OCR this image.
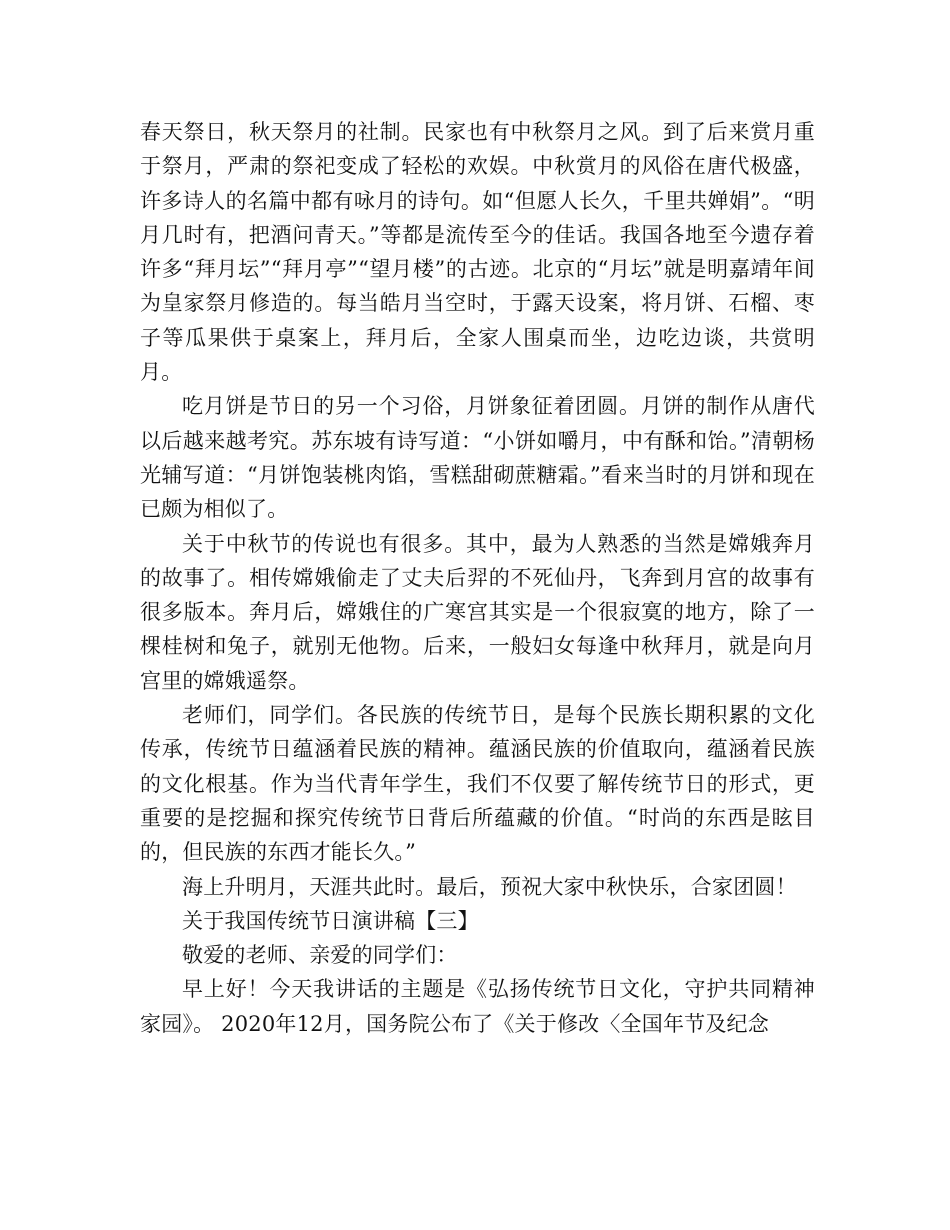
春天祭日，秋天祭月的社制。民家也有中秋祭月之风。到了后来赏月重于祭月，严肃的祭祀变成了轻松的欢娱。中秋赏月的风俗在唐代极盛，许多诗人的名篇中都有咏月的诗句。如“但愿人长久，千里共婵娟”。“明月几时有，把酒问青天。”等都是流传至今的佳话。我国各地至今遗存着许多“拜月坛”“拜月亭”“望月楼”的古迹。北京的“月坛”就是明嘉靖年间为皇家祭月修造的。每当皓月当空时，于露天设案，将月饼、石榴、枣子等瓜果供于桌案上，拜月后，全家人围桌而坐，边吃边谈，共赏明月。

吃月饼是节日的另一个习俗，月饼象征着团圆。月饼的制作从唐代以后越来越考究。苏东坡有诗写道：“小饼如嚼月，中有酥和饴。”清朝杨光辅写道：“月饼饱装桃肉馅，雪糕甜砌蔗糖霜。”看来当时的月饼和现在已颇为相似了。

关于中秋节的传说也有很多。其中，最为人熟悉的当然是嫦娥奔月的故事了。相传嫦娥偷走了丈夫后羿的不死仙丹，飞奔到月宫的故事有很多版本。奔月后，嫦娥住的广寒宫其实是一个很寂寞的地方，除了一棵桂树和兔子，就别无他物。后来，一般妇女每逢中秋拜月，就是向月宫里的嫦娥遥祭。

老师们，同学们。各民族的传统节日，是每个民族长期积累的文化传承，传统节日蕴涵着民族的精神。蕴涵民族的价值取向，蕴涵着民族的文化根基。作为当代青年学生，我们不仅要了解传统节日的形式，更重要的是挖掘和探究传统节日背后所蕴藏的价值。“时尚的东西是眩目的，但民族的东西才能长久。”

海上升明月，天涯共此时。最后，预祝大家中秋快乐，合家团圆！

关于我国传统节日演讲稿【三】

敬爱的老师、亲爱的同学们：

早上好！今天我讲话的主题是《弘扬传统节日文化，守护共同精神家园》。 2020年12月，国务院公布了《关于修改〈全国年节及纪念
